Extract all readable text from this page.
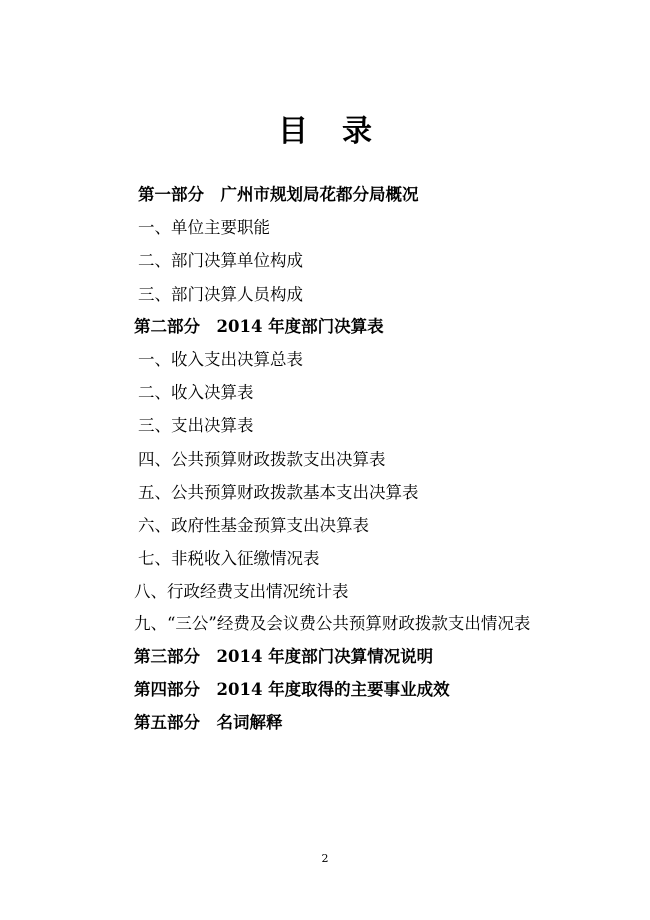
目录
第一部分　广州市规划局花都分局概况
一、单位主要职能
二、部门决算单位构成
三、部门决算人员构成
第二部分　2014 年度部门决算表
一、收入支出决算总表
二、收入决算表
三、支出决算表
四、公共预算财政拨款支出决算表
五、公共预算财政拨款基本支出决算表
六、政府性基金预算支出决算表
七、非税收入征缴情况表
八、行政经费支出情况统计表
九、“三公”经费及会议费公共预算财政拨款支出情况表
第三部分　2014 年度部门决算情况说明
第四部分　2014 年度取得的主要事业成效
第五部分　名词解释
2
